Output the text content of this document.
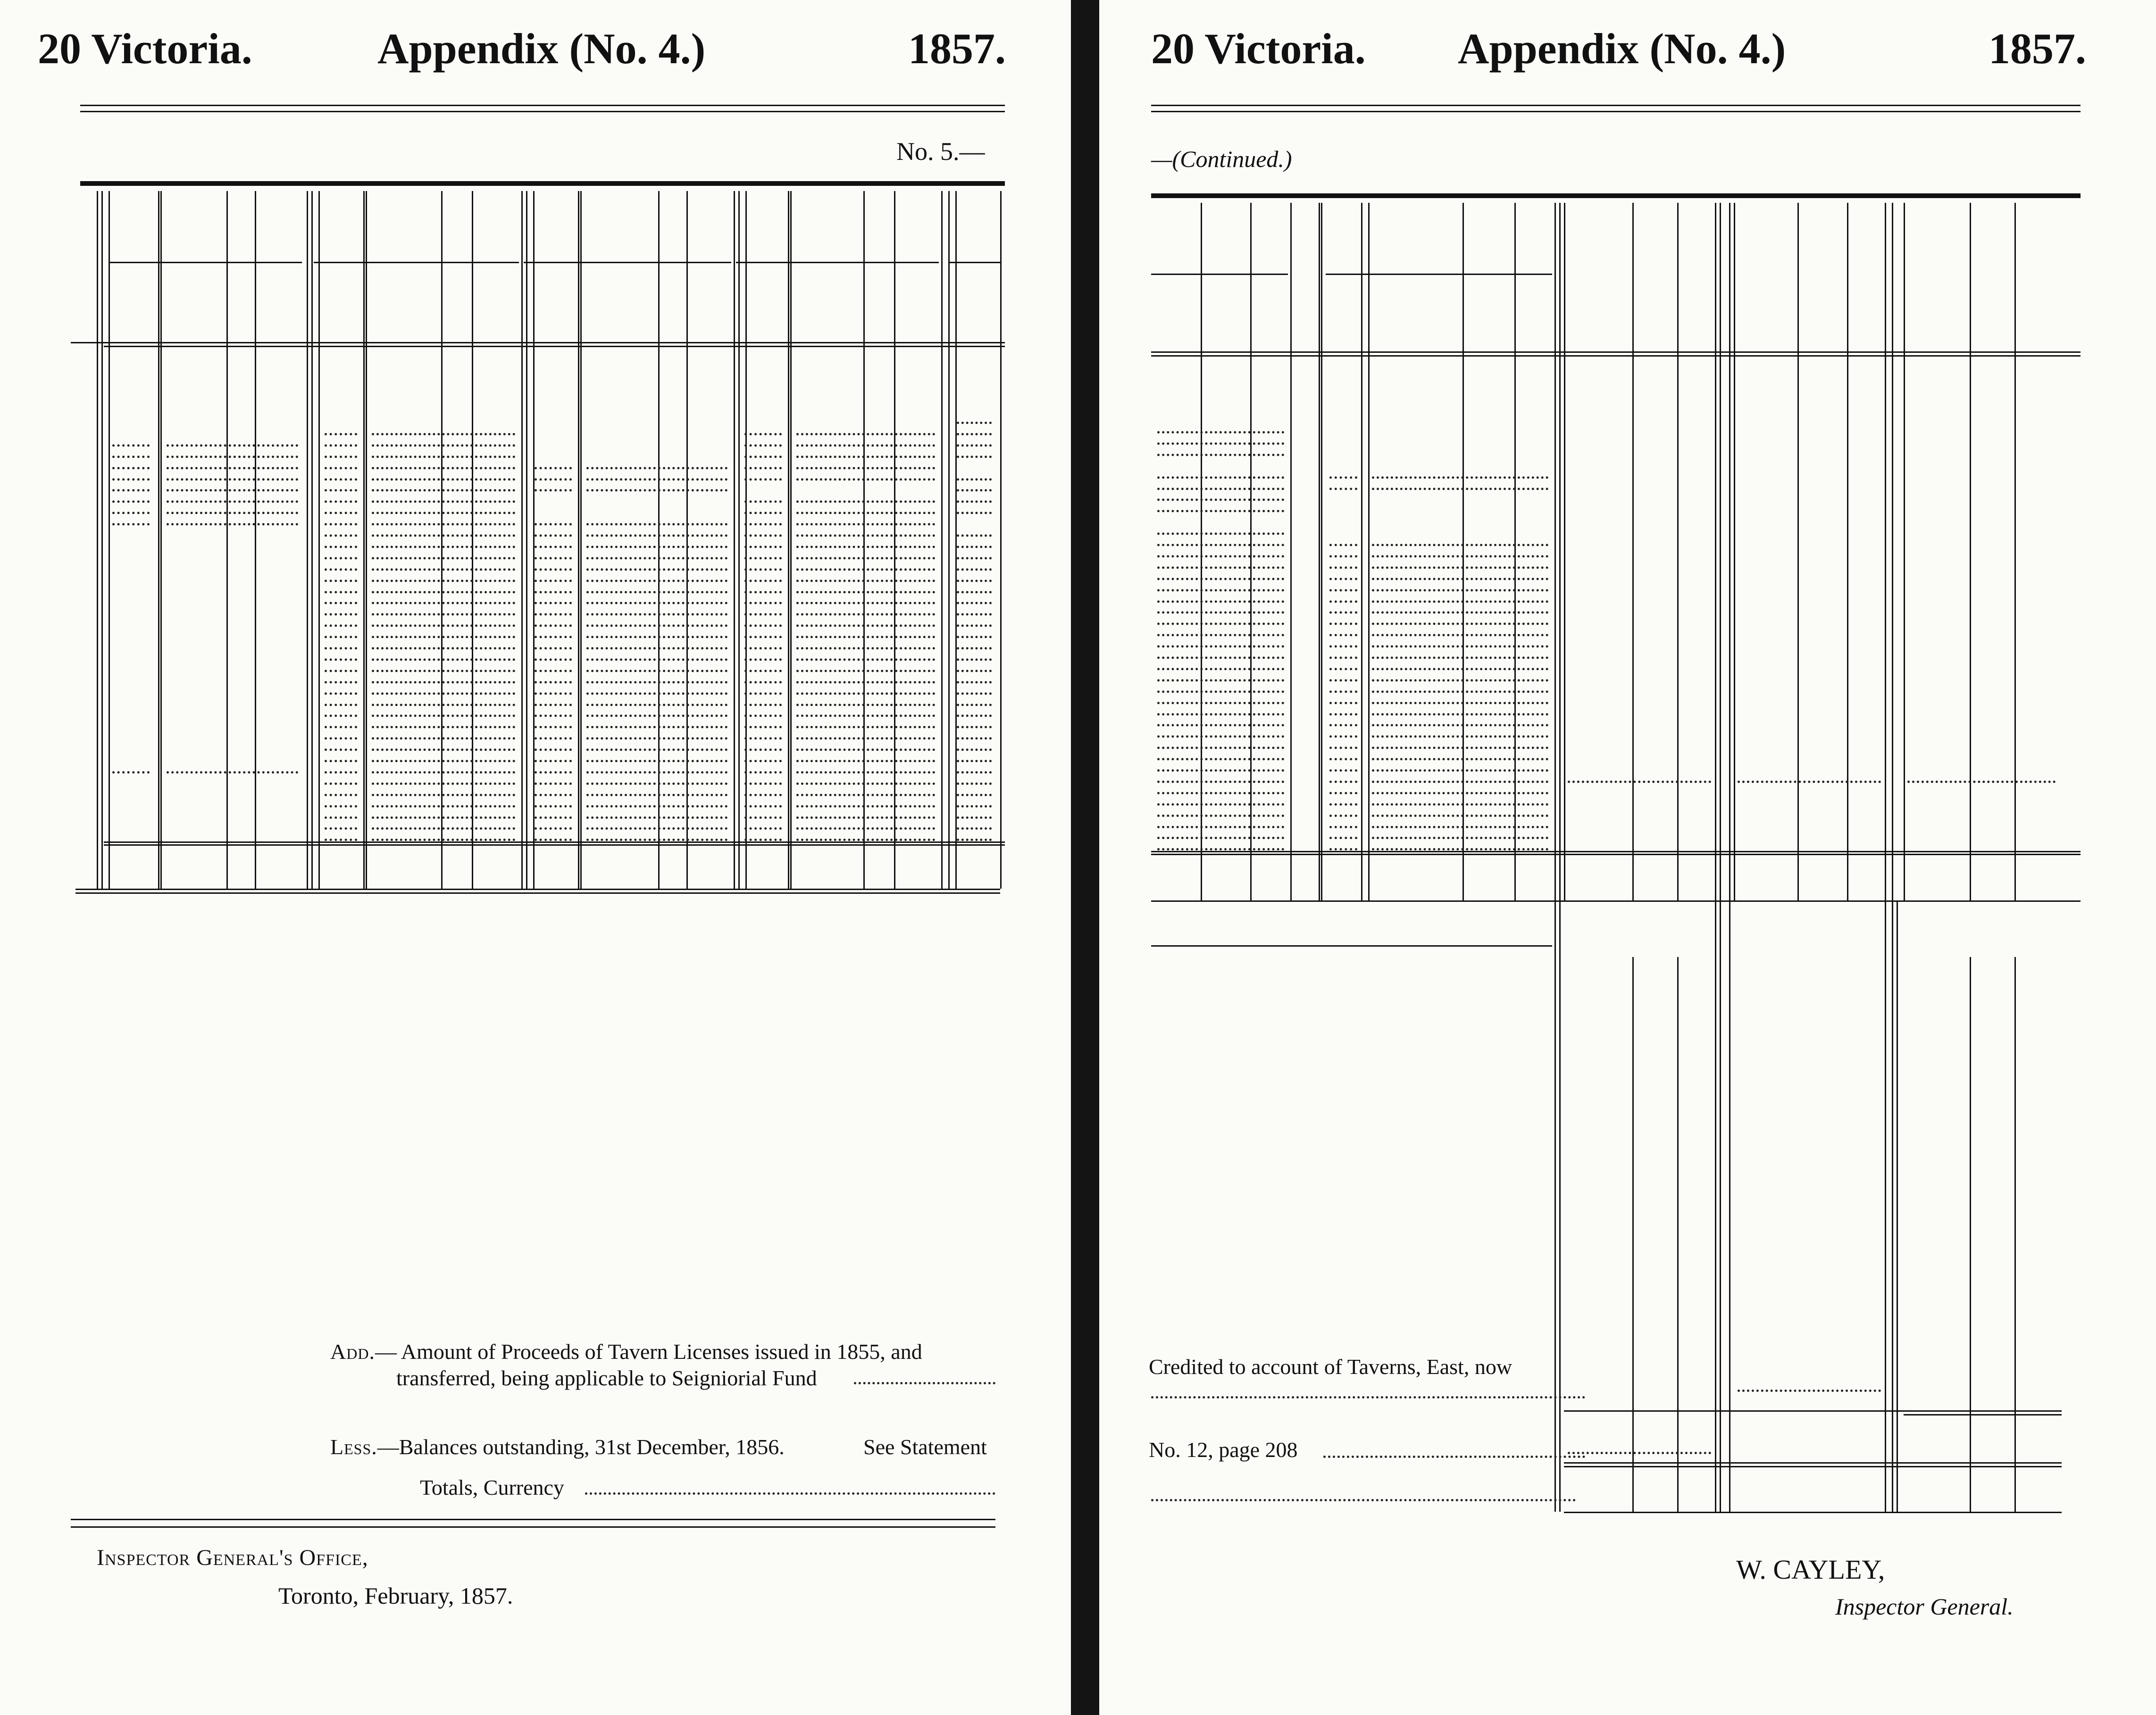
20 Victoria.	Appendix (No. 4.)	1857.
No. 5.—
Add.— Amount of Proceeds of Tavern Licenses issued in 1855, and
transferred, being applicable to Seigniorial Fund
Less.—Balances outstanding, 31st December, 1856.	See Statement
Totals, Currency
Inspector General's Office,
Toronto, February, 1857.
20 Victoria. Appendix (No. 4.)	1857.
—(Continued.)
Credited to account of Taverns, East, now
No. 12, page 208
W. CAYLEY,
Inspector General.
